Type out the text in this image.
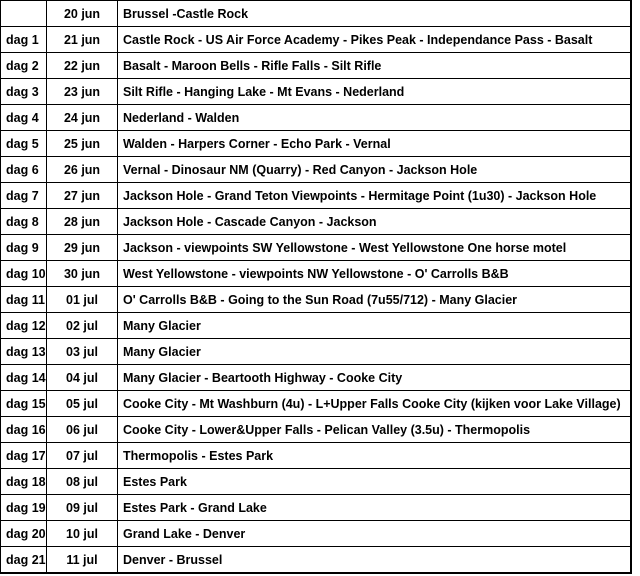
	20 jun	Brussel -Castle Rock
dag 1	21 jun	Castle Rock - US Air Force Academy - Pikes Peak - Independance Pass - Basalt
dag 2	22 jun	Basalt - Maroon Bells - Rifle Falls - Silt Rifle
dag 3	23 jun	Silt Rifle - Hanging Lake - Mt Evans - Nederland
dag 4	24 jun	Nederland - Walden
dag 5	25 jun	Walden - Harpers Corner - Echo Park - Vernal
dag 6	26 jun	Vernal - Dinosaur NM (Quarry) - Red Canyon - Jackson Hole
dag 7	27 jun	Jackson Hole - Grand Teton Viewpoints - Hermitage Point (1u30) - Jackson Hole
dag 8	28 jun	Jackson Hole - Cascade Canyon - Jackson
dag 9	29 jun	Jackson - viewpoints SW Yellowstone - West Yellowstone One horse motel
dag 10	30 jun	West Yellowstone - viewpoints NW Yellowstone - O' Carrolls B&B
dag 11	01 jul	O' Carrolls B&B - Going to the Sun Road (7u55/712) - Many Glacier
dag 12	02 jul	Many Glacier
dag 13	03 jul	Many Glacier
dag 14	04 jul	Many Glacier - Beartooth Highway - Cooke City
dag 15	05 jul	Cooke City - Mt Washburn (4u) - L+Upper Falls Cooke City (kijken voor Lake Village)
dag 16	06 jul	Cooke City - Lower&Upper Falls - Pelican Valley (3.5u) - Thermopolis
dag 17	07 jul	Thermopolis - Estes Park
dag 18	08 jul	Estes Park
dag 19	09 jul	Estes Park - Grand Lake
dag 20	10 jul	Grand Lake - Denver
dag 21	11 jul	Denver - Brussel
